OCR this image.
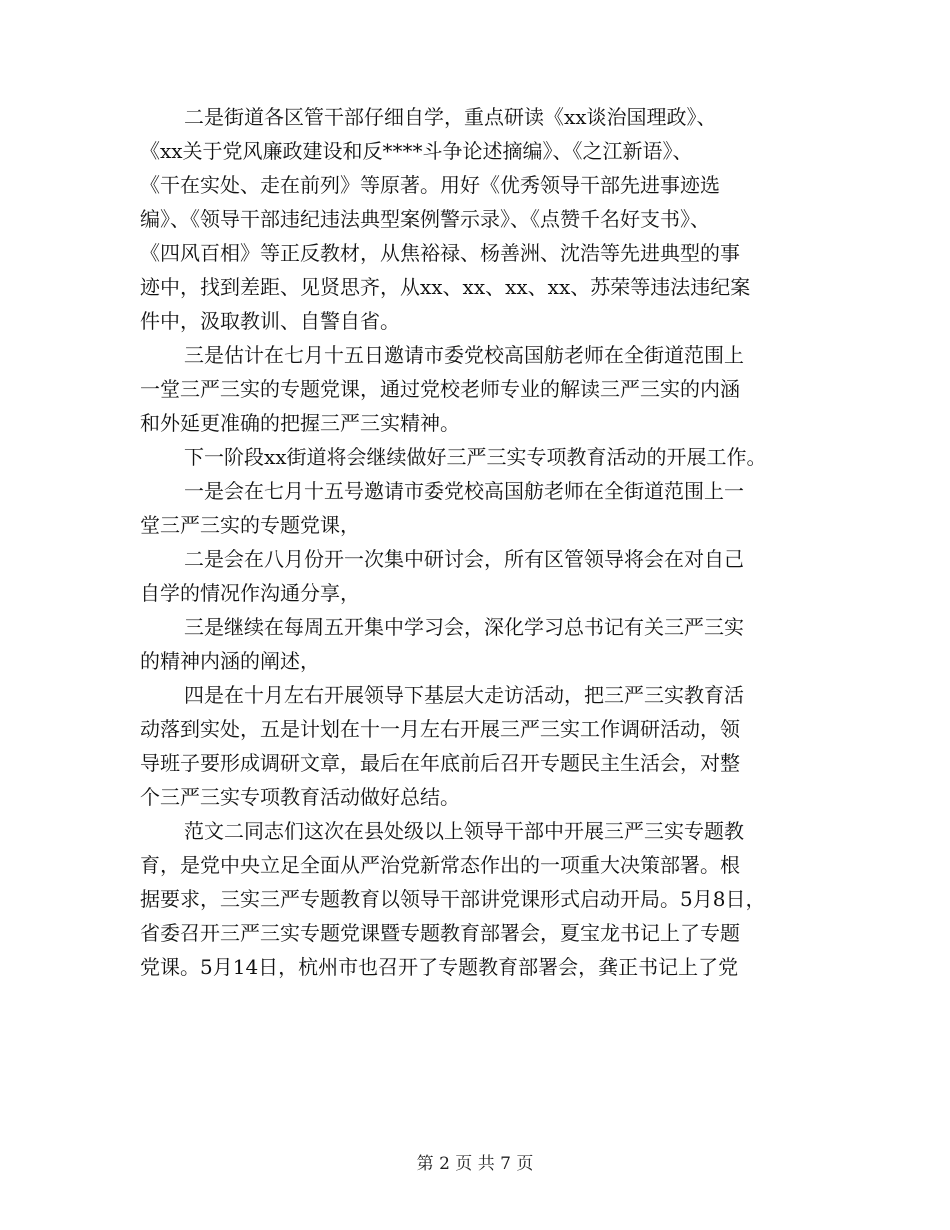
二是街道各区管干部仔细自学，重点研读《xx谈治国理政》、
《xx关于党风廉政建设和反****斗争论述摘编》、《之江新语》、
《干在实处、走在前列》等原著。用好《优秀领导干部先进事迹选
编》、《领导干部违纪违法典型案例警示录》、《点赞千名好支书》、
《四风百相》等正反教材，从焦裕禄、杨善洲、沈浩等先进典型的事
迹中，找到差距、见贤思齐，从xx、xx、xx、xx、苏荣等违法违纪案
件中，汲取教训、自警自省。
三是估计在七月十五日邀请市委党校高国舫老师在全街道范围上
一堂三严三实的专题党课，通过党校老师专业的解读三严三实的内涵
和外延更准确的把握三严三实精神。
下一阶段xx街道将会继续做好三严三实专项教育活动的开展工作。
一是会在七月十五号邀请市委党校高国舫老师在全街道范围上一
堂三严三实的专题党课，
二是会在八月份开一次集中研讨会，所有区管领导将会在对自己
自学的情况作沟通分享，
三是继续在每周五开集中学习会，深化学习总书记有关三严三实
的精神内涵的阐述，
四是在十月左右开展领导下基层大走访活动，把三严三实教育活
动落到实处，五是计划在十一月左右开展三严三实工作调研活动，领
导班子要形成调研文章，最后在年底前后召开专题民主生活会，对整
个三严三实专项教育活动做好总结。
范文二同志们这次在县处级以上领导干部中开展三严三实专题教
育，是党中央立足全面从严治党新常态作出的一项重大决策部署。根
据要求，三实三严专题教育以领导干部讲党课形式启动开局。5月8日，
省委召开三严三实专题党课暨专题教育部署会，夏宝龙书记上了专题
党课。5月14日，杭州市也召开了专题教育部署会，龚正书记上了党
第 2 页 共 7 页
